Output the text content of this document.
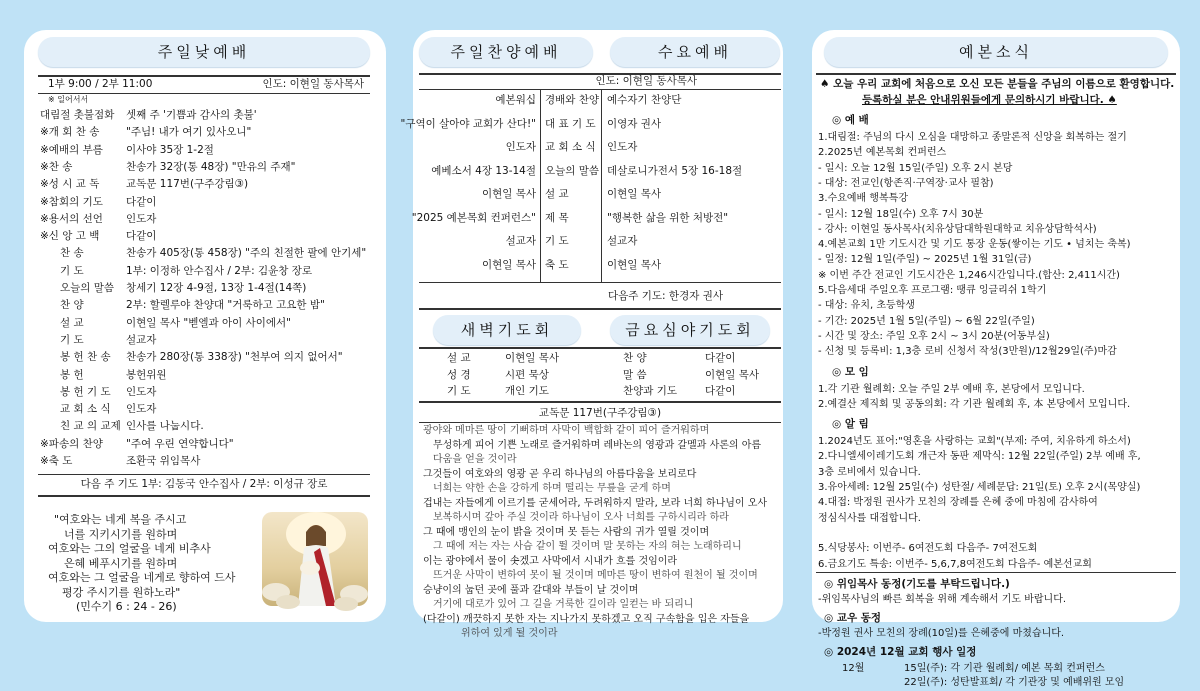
주일낮예배
1부 9:00 / 2부 11:00	인도: 이현일 동사목사
※ 일어서서
대림절 촛불점화 셋째 주 '기쁨과 감사의 촛불'
※개 회 찬 송	"주님! 내가 여기 있사오니"
※예배의 부름 이사야 35장 1-2절
※찬 송	찬송가 32장(통 48장) "만유의 주재"
※성 시 교 독	교독문 117번(구주강림③)
※참회의 기도 다같이
※용서의 선언 인도자
※신 앙 고 백	다같이
찬 송	찬송가 405장(통 458장) "주의 친절한 팔에 안기세"
기 도	1부: 이정하 안수집사 / 2부: 김윤창 장로
오늘의 말씀 창세기 12장 4-9절, 13장 1-4절(14쪽)
찬 양	2부: 할렐루야 찬양대 "거룩하고 고요한 밤"
설 교	이현일 목사 "벧엘과 아이 사이에서"
기 도	설교자
봉 헌 찬 송 찬송가 280장(통 338장) "천부여 의지 없어서"
봉 헌	봉헌위원
봉 헌 기 도 인도자
교 회 소 식 인도자
친 교 의 교제 인사를 나눕시다.
※파송의 찬양 "주여 우린 연약합니다"
※축 도	조환국 위임목사
다음 주 기도 1부: 김동국 안수집사 / 2부: 이성규 장로
"여호와는 네게 복을 주시고
너를 지키시기를 원하며
여호와는 그의 얼굴을 네게 비추사
은혜 베푸시기를 원하며
여호와는 그 얼굴을 네게로 향하여 드사
평강 주시기를 원하노라"
(민수기 6 : 24 - 26)
주일찬양예배	수요예배
인도: 이현일 동사목사
예본워십 경배와 찬양 예수자기 찬양단
"구역이 살아야 교회가 산다!" 대 표 기 도 이영자 권사
인도자 교 회 소 식 인도자
예베소서 4장 13-14절 오늘의 말씀 데살로니가전서 5장 16-18절
이현일 목사 설 교	이현일 목사
"2025 예본목회 컨퍼런스" 제 목	"행복한 삶을 위한 처방전"
설교자 기 도	설교자
이현일 목사 축 도	이현일 목사
다음주 기도: 한경자 권사
새벽기도회	금요심야기도회
설 교	이현일 목사
성 경	시편 묵상
기 도	개인 기도
찬 양	다같이
말 씀	이현일 목사
찬양과 기도	다같이
교독문 117번(구주강림③)
광야와 메마른 땅이 기뻐하며 사막이 백합화 같이 피어 즐거워하며
무성하게 피어 기쁜 노래로 즐거워하며 레바논의 영광과 갈멜과 사론의 아름
다움을 얻을 것이라
그것들이 여호와의 영광 곧 우리 하나님의 아름다움을 보리로다
너희는 약한 손을 강하게 하며 떨리는 무릎을 굳게 하며
겁내는 자들에게 이르기를 굳세어라, 두려워하지 말라, 보라 너희 하나님이 오사
보복하시며 갚아 주실 것이라 하나님이 오사 너희를 구하시리라 하라
그 때에 맹인의 눈이 밝을 것이며 못 듣는 사람의 귀가 열릴 것이며
그 때에 저는 자는 사슴 같이 뛸 것이며 말 못하는 자의 혀는 노래하리니
이는 광야에서 물이 솟겠고 사막에서 시내가 흐를 것임이라
뜨거운 사막이 변하여 못이 될 것이며 메마른 땅이 변하여 원천이 될 것이며
승냥이의 눕던 곳에 풀과 갈대와 부들이 날 것이며
거기에 대로가 있어 그 길을 거룩한 길이라 일컫는 바 되리니
(다같이) 깨끗하지 못한 자는 지나가지 못하겠고 오직 구속함을 입은 자들을
위하여 있게 될 것이라
예본소식
♠ 오늘 우리 교회에 처음으로 오신 모든 분들을 주님의 이름으로 환영합니다.
등록하실 분은 안내위원들에게 문의하시기 바랍니다. ♠
◎ 예 배
1.대림절: 주님의 다시 오심을 대망하고 종말론적 신앙을 회복하는 절기
2.2025년 예본목회 컨퍼런스
- 일시: 오늘 12월 15일(주일) 오후 2시 본당
- 대상: 전교인(항존직·구역장·교사 필참)
3.수요예배 행복특강
- 일시: 12월 18일(수) 오후 7시 30분
- 강사: 이현일 동사목사(치유상담대학원대학교 치유상담학석사)
4.예본교회 1만 기도시간 및 기도 통장 운동(쌓이는 기도 • 넘치는 축복)
- 일정: 12월 1일(주일) ~ 2025년 1월 31일(금)
※ 이번 주간 전교인 기도시간은 1,246시간입니다.(합산: 2,411시간)
5.다음세대 주일오후 프로그램: 땡큐 잉글리쉬 1학기
- 대상: 유치, 초등학생
- 기간: 2025년 1월 5일(주일) ~ 6월 22일(주일)
- 시간 및 장소: 주일 오후 2시 ~ 3시 20분(어동부실)
- 신청 및 등록비: 1,3층 로비 신청서 작성(3만원)/12월29일(주)마감
◎ 모 임
1.각 기관 월례회: 오늘 주일 2부 예배 후, 본당에서 모입니다.
2.예결산 제직회 및 공동의회: 각 기관 월례회 후, 本 본당에서 모입니다.
◎ 알 림
1.2024년도 표어:"영혼을 사랑하는 교회"(부제: 주여, 치유하게 하소서)
2.다니엘세이레기도회 개근자 동판 제막식: 12월 22일(주일) 2부 예배 후,
3층 로비에서 있습니다.
3.유아세례: 12월 25일(수) 성탄절/ 세례문답: 21일(토) 오후 2시(목양실)
4.대접: 박정원 권사가 모친의 장례를 은혜 중에 마침에 감사하여
정심식사를 대접합니다.
5.식당봉사: 이번주- 6여전도회 다음주- 7여전도회
6.금요기도 특송: 이번주- 5,6,7,8여전도회 다음주- 예본선교회
◎ 위임목사 동정(기도를 부탁드립니다.)
-위임목사님의 빠른 회복을 위해 계속해서 기도 바랍니다.
◎ 교우 동정
-박정원 권사 모친의 장례(10일)를 은혜중에 마쳤습니다.
◎ 2024년 12월 교회 행사 일정
12월	15일(주): 각 기관 월례회/ 예본 목회 컨퍼런스
22일(주): 성탄발표회/ 각 기관장 및 예배위원 모임
